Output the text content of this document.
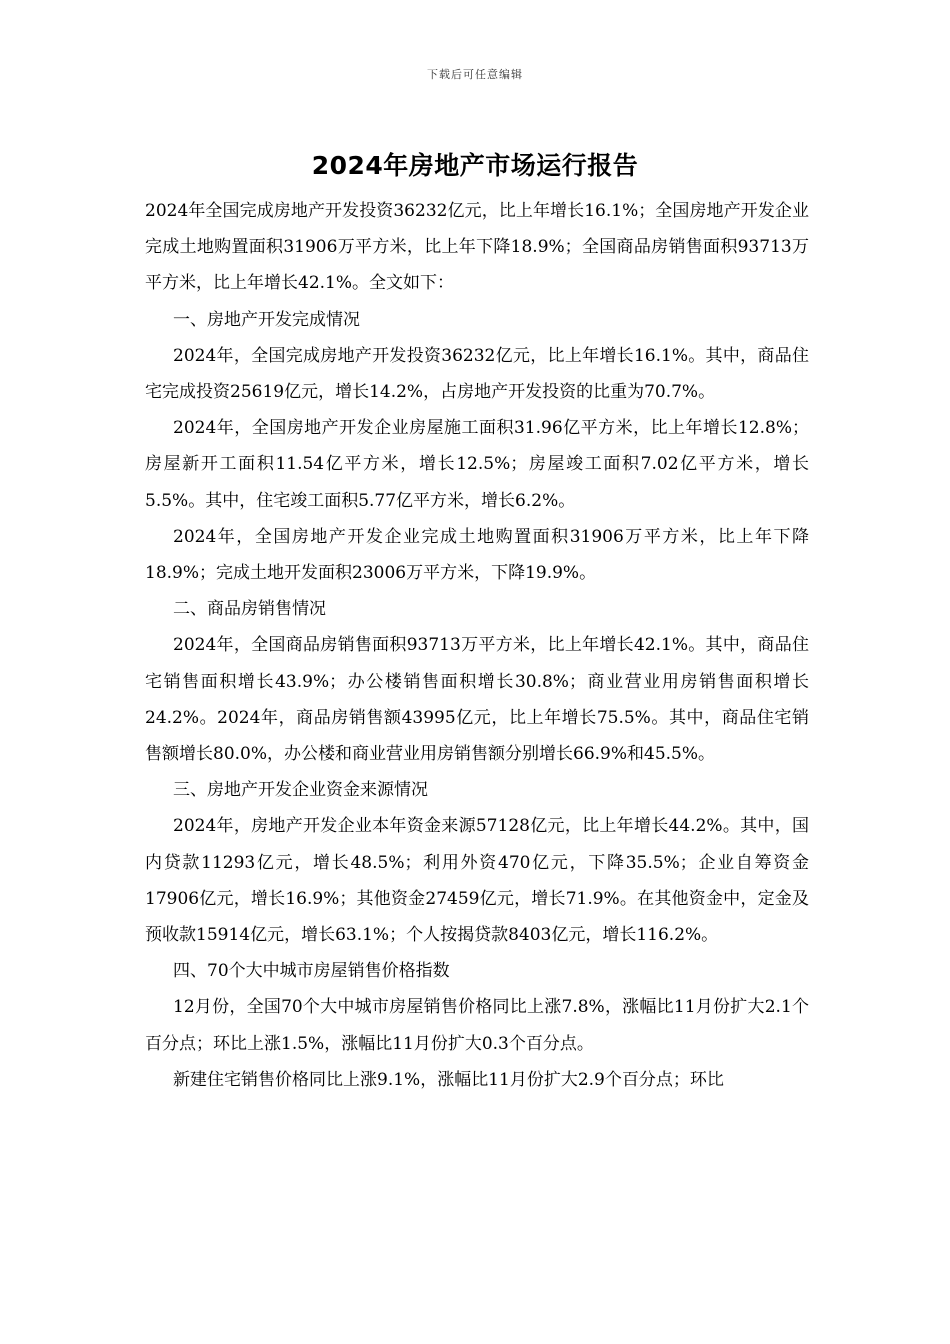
下载后可任意编辑
2024年房地产市场运行报告

2024年全国完成房地产开发投资36232亿元，比上年增长16.1%；全国房地产开发企业完成土地购置面积31906万平方米，比上年下降18.9%；全国商品房销售面积93713万平方米，比上年增长42.1%。全文如下：

一、房地产开发完成情况

2024年，全国完成房地产开发投资36232亿元，比上年增长16.1%。其中，商品住宅完成投资25619亿元，增长14.2%，占房地产开发投资的比重为70.7%。

2024年，全国房地产开发企业房屋施工面积31.96亿平方米，比上年增长12.8%；房屋新开工面积11.54亿平方米，增长12.5%；房屋竣工面积7.02亿平方米，增长5.5%。其中，住宅竣工面积5.77亿平方米，增长6.2%。

2024年，全国房地产开发企业完成土地购置面积31906万平方米，比上年下降18.9%；完成土地开发面积23006万平方米，下降19.9%。

二、商品房销售情况

2024年，全国商品房销售面积93713万平方米，比上年增长42.1%。其中，商品住宅销售面积增长43.9%；办公楼销售面积增长30.8%；商业营业用房销售面积增长24.2%。2024年，商品房销售额43995亿元，比上年增长75.5%。其中，商品住宅销售额增长80.0%，办公楼和商业营业用房销售额分别增长66.9%和45.5%。

三、房地产开发企业资金来源情况

2024年，房地产开发企业本年资金来源57128亿元，比上年增长44.2%。其中，国内贷款11293亿元，增长48.5%；利用外资470亿元，下降35.5%；企业自筹资金17906亿元，增长16.9%；其他资金27459亿元，增长71.9%。在其他资金中，定金及预收款15914亿元，增长63.1%；个人按揭贷款8403亿元，增长116.2%。

四、70个大中城市房屋销售价格指数

12月份，全国70个大中城市房屋销售价格同比上涨7.8%，涨幅比11月份扩大2.1个百分点；环比上涨1.5%，涨幅比11月份扩大0.3个百分点。

新建住宅销售价格同比上涨9.1%，涨幅比11月份扩大2.9个百分点；环比
